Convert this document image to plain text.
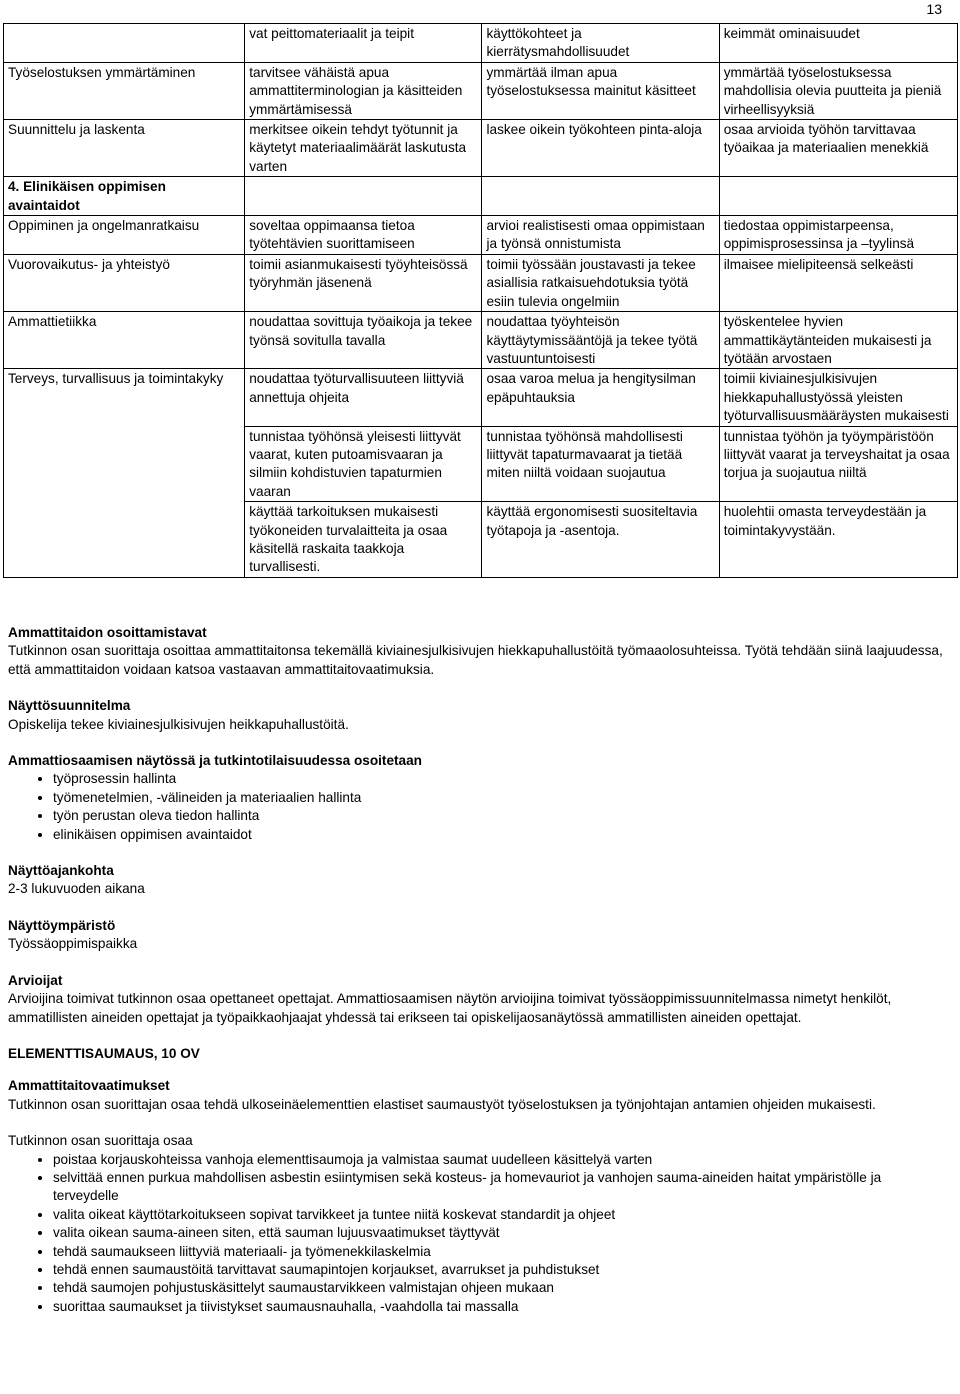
13
	vat peittomateriaalit ja teipit	käyttökohteet ja kierrätysmahdollisuudet	keimmät ominaisuudet
Työselostuksen ymmärtäminen	tarvitsee vähäistä apua ammattiterminologian ja käsitteiden ymmärtämisessä	ymmärtää ilman apua työselostuksessa mainitut käsitteet	ymmärtää työselostuksessa mahdollisia olevia puutteita ja pieniä virheellisyyksiä
Suunnittelu ja laskenta	merkitsee oikein tehdyt työtunnit ja käytetyt materiaalimäärät laskutusta varten	laskee oikein työkohteen pinta-aloja	osaa arvioida työhön tarvittavaa työaikaa ja materiaalien menekkiä
4. Elinikäisen oppimisen avaintaidot			
Oppiminen ja ongelmanratkaisu	soveltaa oppimaansa tietoa työtehtävien suorittamiseen	arvioi realistisesti omaa oppimistaan ja työnsä onnistumista	tiedostaa oppimistarpeensa, oppimisprosessinsa ja –tyylinsä
Vuorovaikutus- ja yhteistyö	toimii asianmukaisesti työyhteisössä työryhmän jäsenenä	toimii työssään joustavasti ja tekee asiallisia ratkaisuehdotuksia työtä esiin tulevia ongelmiin	ilmaisee mielipiteensä selkeästi
Ammattietiikka	noudattaa sovittuja työaikoja ja tekee työnsä sovitulla tavalla	noudattaa työyhteisön käyttäytymissääntöjä ja tekee työtä vastuuntuntoisesti	työskentelee hyvien ammattikäytänteiden mukaisesti ja työtään arvostaen
Terveys, turvallisuus ja toimintakyky	noudattaa työturvallisuuteen liittyviä annettuja ohjeita	osaa varoa melua ja hengitysilman epäpuhtauksia	toimii kiviainesjulkisivujen hiekkapuhallustyössä yleisten työturvallisuusmääräysten mukaisesti
	tunnistaa työhönsä yleisesti liittyvät vaarat, kuten putoamisvaaran ja silmiin kohdistuvien tapaturmien vaaran	tunnistaa työhönsä mahdollisesti liittyvät tapaturmavaarat ja tietää miten niiltä voidaan suojautua	tunnistaa työhön ja työympäristöön liittyvät vaarat ja terveyshaitat ja osaa torjua ja suojautua niiltä
	käyttää tarkoituksen mukaisesti työkoneiden turvalaitteita ja osaa käsitellä raskaita taakkoja turvallisesti.	käyttää ergonomisesti suositeltavia työtapoja ja -asentoja.	huolehtii omasta terveydestään ja toimintakyvystään.

Ammattitaidon osoittamistavat

Tutkinnon osan suorittaja osoittaa ammattitaitonsa tekemällä kiviainesjulkisivujen hiekkapuhallustöitä työmaaolosuhteissa. Työtä tehdään siinä laajuudessa, että ammattitaidon voidaan katsoa vastaavan ammattitaitovaatimuksia.

Näyttösuunnitelma

Opiskelija tekee kiviainesjulkisivujen heikkapuhallustöitä.

Ammattiosaamisen näytössä ja tutkintotilaisuudessa osoitetaan

• työprosessin hallinta
• työmenetelmien, -välineiden ja materiaalien hallinta
• työn perustan oleva tiedon hallinta
• elinikäisen oppimisen avaintaidot

Näyttöajankohta

2-3 lukuvuoden aikana

Näyttöympäristö

Työssäoppimispaikka

Arvioijat

Arvioijina toimivat tutkinnon osaa opettaneet opettajat. Ammattiosaamisen näytön arvioijina toimivat työssäoppimissuunnitelmassa nimetyt henkilöt, ammatillisten aineiden opettajat ja työpaikkaohjaajat yhdessä tai erikseen tai opiskelijaosanäytössä ammatillisten aineiden opettajat.

ELEMENTTISAUMAUS, 10 OV

Ammattitaitovaatimukset

Tutkinnon osan suorittajan osaa tehdä ulkoseinäelementtien elastiset saumaustyöt työselostuksen ja työnjohtajan antamien ohjeiden mukaisesti.

Tutkinnon osan suorittaja osaa

• poistaa korjauskohteissa vanhoja elementtisaumoja ja valmistaa saumat uudelleen käsittelyä varten
• selvittää ennen purkua mahdollisen asbestin esiintymisen sekä kosteus- ja homevauriot ja vanhojen sauma-aineiden haitat ympäristölle ja terveydelle
• valita oikeat käyttötarkoitukseen sopivat tarvikkeet ja tuntee niitä koskevat standardit ja ohjeet
• valita oikean sauma-aineen siten, että sauman lujuusvaatimukset täyttyvät
• tehdä saumaukseen liittyviä materiaali- ja työmenekkilaskelmia
• tehdä ennen saumaustöitä tarvittavat saumapintojen korjaukset, avarrukset ja puhdistukset
• tehdä saumojen pohjustuskäsittelyt saumaustarvikkeen valmistajan ohjeen mukaan
• suorittaa saumaukset ja tiivistykset saumausnauhalla, -vaahdolla tai massalla
